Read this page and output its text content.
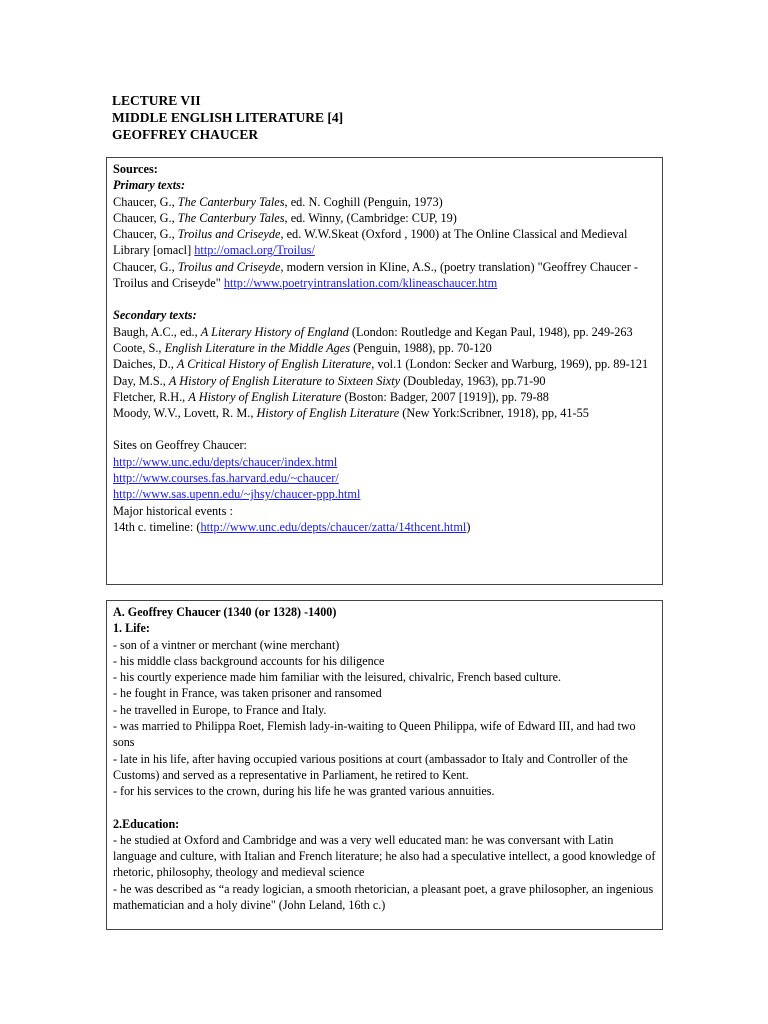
LECTURE VII
MIDDLE ENGLISH LITERATURE [4]
GEOFFREY CHAUCER
Sources:
Primary texts:
Chaucer, G., The Canterbury Tales, ed. N. Coghill (Penguin, 1973)
Chaucer, G., The Canterbury Tales, ed. Winny, (Cambridge: CUP, 19)
Chaucer, G., Troilus and Criseyde, ed. W.W.Skeat (Oxford , 1900) at The Online Classical and Medieval Library [omacl] http://omacl.org/Troilus/
Chaucer, G., Troilus and Criseyde, modern version in Kline, A.S., (poetry translation) "Geoffrey Chaucer - Troilus and Criseyde" http://www.poetryintranslation.com/klineaschaucer.htm
Secondary texts:
Baugh, A.C., ed., A Literary History of England (London: Routledge and Kegan Paul, 1948), pp. 249-263
Coote, S., English Literature in the Middle Ages (Penguin, 1988), pp. 70-120
Daiches, D., A Critical History of English Literature, vol.1 (London: Secker and Warburg, 1969), pp. 89-121
Day, M.S., A History of English Literature to Sixteen Sixty (Doubleday, 1963), pp.71-90
Fletcher, R.H., A History of English Literature (Boston: Badger, 2007 [1919]), pp. 79-88
Moody, W.V., Lovett, R. M., History of English Literature (New York:Scribner, 1918), pp, 41-55
Sites on Geoffrey Chaucer:
http://www.unc.edu/depts/chaucer/index.html
http://www.courses.fas.harvard.edu/~chaucer/
http://www.sas.upenn.edu/~jhsy/chaucer-ppp.html
Major historical events :
14th c. timeline: (http://www.unc.edu/depts/chaucer/zatta/14thcent.html)
A. Geoffrey Chaucer (1340 (or 1328) -1400)
1. Life:
- son of a vintner or merchant (wine merchant)
- his middle class background accounts for his diligence
- his courtly experience made him familiar with the leisured, chivalric, French based culture.
- he fought in France, was taken prisoner and ransomed
- he travelled in Europe, to France and Italy.
- was married to Philippa Roet, Flemish lady-in-waiting to Queen Philippa, wife of Edward III, and had two sons
- late in his life, after having occupied various positions at court (ambassador to Italy and Controller of the Customs) and served as a representative in Parliament, he retired to Kent.
- for his services to the crown, during his life he was granted various annuities.
2.Education:
- he studied at Oxford and Cambridge and was a very well educated man: he was conversant with Latin language and culture, with Italian and French literature; he also had a speculative intellect, a good knowledge of rhetoric, philosophy, theology and medieval science
- he was described as “a ready logician, a smooth rhetorician, a pleasant poet, a grave philosopher, an ingenious mathematician and a holy divine" (John Leland, 16th c.)
